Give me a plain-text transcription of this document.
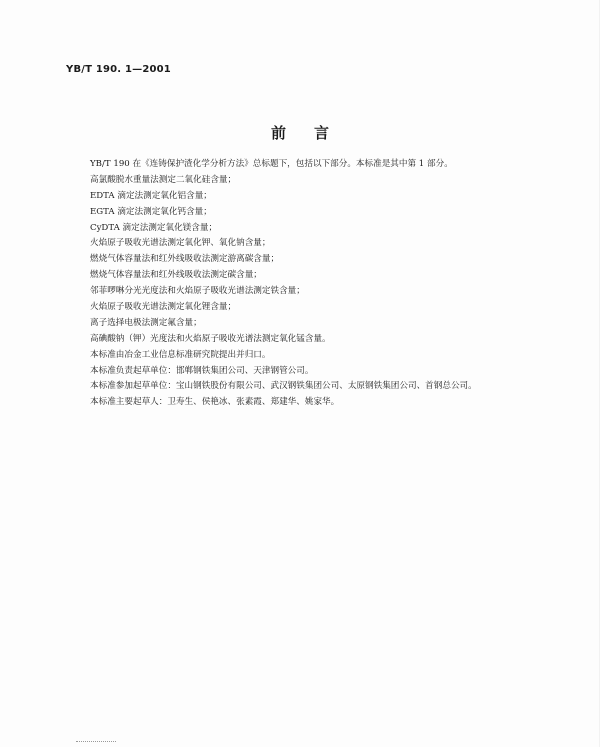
YB/T 190. 1—2001
前言
YB/T 190 在《连铸保护渣化学分析方法》总标题下，包括以下部分。本标准是其中第 1 部分。
高氯酸脱水重量法测定二氧化硅含量；
EDTA 滴定法测定氧化铝含量；
EGTA 滴定法测定氧化钙含量；
CyDTA 滴定法测定氧化镁含量；
火焰原子吸收光谱法测定氧化钾、氧化钠含量；
燃烧气体容量法和红外线吸收法测定游离碳含量；
燃烧气体容量法和红外线吸收法测定碳含量；
邻菲啰啉分光光度法和火焰原子吸收光谱法测定铁含量；
火焰原子吸收光谱法测定氧化锂含量；
离子选择电极法测定氟含量；
高碘酸钠（钾）光度法和火焰原子吸收光谱法测定氧化锰含量。
本标准由冶金工业信息标准研究院提出并归口。
本标准负责起草单位：邯郸钢铁集团公司、天津钢管公司。
本标准参加起草单位：宝山钢铁股份有限公司、武汉钢铁集团公司、太原钢铁集团公司、首钢总公司。
本标准主要起草人：卫寿生、侯艳冰、张素霞、郑建华、姚家华。
